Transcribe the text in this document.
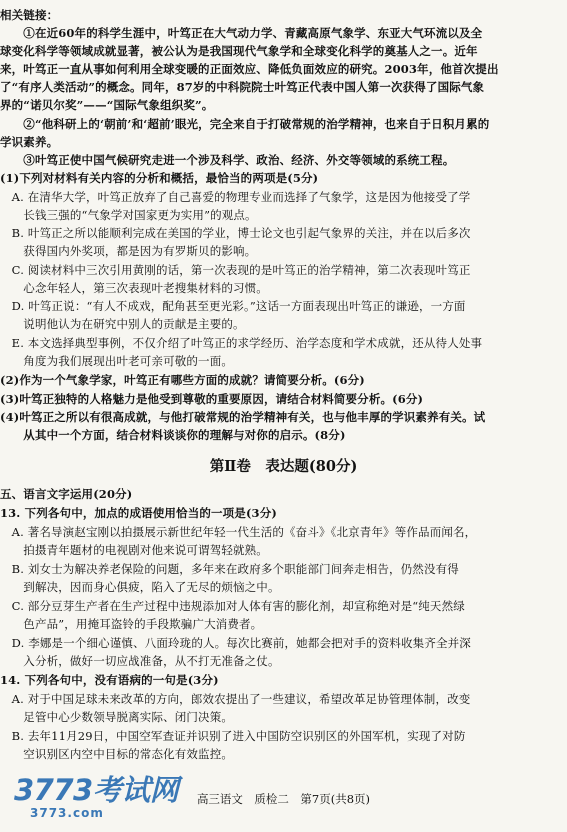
相关链接：
　　①在近60年的科学生涯中，叶笃正在大气动力学、青藏高原气象学、东亚大气环流以及全
球变化科学等领域成就显著，被公认为是我国现代气象学和全球变化科学的奠基人之一。近年
来，叶笃正一直从事如何利用全球变暖的正面效应、降低负面效应的研究。2003年，他首次提出
了“有序人类活动”的概念。同年，87岁的中科院院士叶笃正代表中国人第一次获得了国际气象
界的“诺贝尔奖”——“国际气象组织奖”。
　　②“他科研上的‘朝前’和‘超前’眼光，完全来自于打破常规的治学精神，也来自于日积月累的
学识素养。
　　③叶笃正使中国气候研究走进一个涉及科学、政治、经济、外交等领域的系统工程。
(1)下列对材料有关内容的分析和概括，最恰当的两项是(5分)
　A. 在清华大学，叶笃正放弃了自己喜爱的物理专业而选择了气象学，这是因为他接受了学
　　长钱三强的“气象学对国家更为实用”的观点。
　B. 叶笃正之所以能顺利完成在美国的学业，博士论文也引起气象界的关注，并在以后多次
　　获得国内外奖项，都是因为有罗斯贝的影响。
　C. 阅读材料中三次引用黄刚的话，第一次表现的是叶笃正的治学精神，第二次表现叶笃正
　　心念年轻人，第三次表现叶老搜集材料的习惯。
　D. 叶笃正说：“有人不成戏，配角甚至更光彩。”这话一方面表现出叶笃正的谦逊，一方面
　　说明他认为在研究中别人的贡献是主要的。
　E. 本文选择典型事例，不仅介绍了叶笃正的求学经历、治学态度和学术成就，还从待人处事
　　角度为我们展现出叶老可亲可敬的一面。
(2)作为一个气象学家，叶笃正有哪些方面的成就？请简要分析。(6分)
(3)叶笃正独特的人格魅力是他受到尊敬的重要原因，请结合材料简要分析。(6分)
(4)叶笃正之所以有很高成就，与他打破常规的治学精神有关，也与他丰厚的学识素养有关。试
　　从其中一个方面，结合材料谈谈你的理解与对你的启示。(8分)
第Ⅱ卷　表达题(80分)
五、语言文字运用(20分)
13. 下列各句中，加点的成语使用恰当的一项是(3分)
　A. 著名导演赵宝刚以拍摄展示新世纪年轻一代生活的《奋斗》《北京青年》等作品而闻名，
　　拍摄青年题材的电视剧对他来说可谓驾轻就熟。
　B. 刘女士为解决养老保险的问题，多年来在政府多个职能部门间奔走相告，仍然没有得
　　到解决，因而身心俱疲，陷入了无尽的烦恼之中。
　C. 部分豆芽生产者在生产过程中违规添加对人体有害的膨化剂，却宣称绝对是“纯天然绿
　　色产品”，用掩耳盗铃的手段欺骗广大消费者。
　D. 李娜是一个细心谨慎、八面玲珑的人。每次比赛前，她都会把对手的资料收集齐全并深
　　入分析，做好一切应战准备，从不打无准备之仗。
14. 下列各句中，没有语病的一句是(3分)
　A. 对于中国足球未来改革的方向，郎效农提出了一些建议，希望改革足协管理体制，改变
　　足管中心少数领导脱离实际、闭门决策。
　B. 去年11月29日，中国空军查证并识别了进入中国防空识别区的外国军机，实现了对防
　　空识别区内空中目标的常态化有效监控。
高三语文　质检二　第7页(共8页)
3773考试网
3773.com
